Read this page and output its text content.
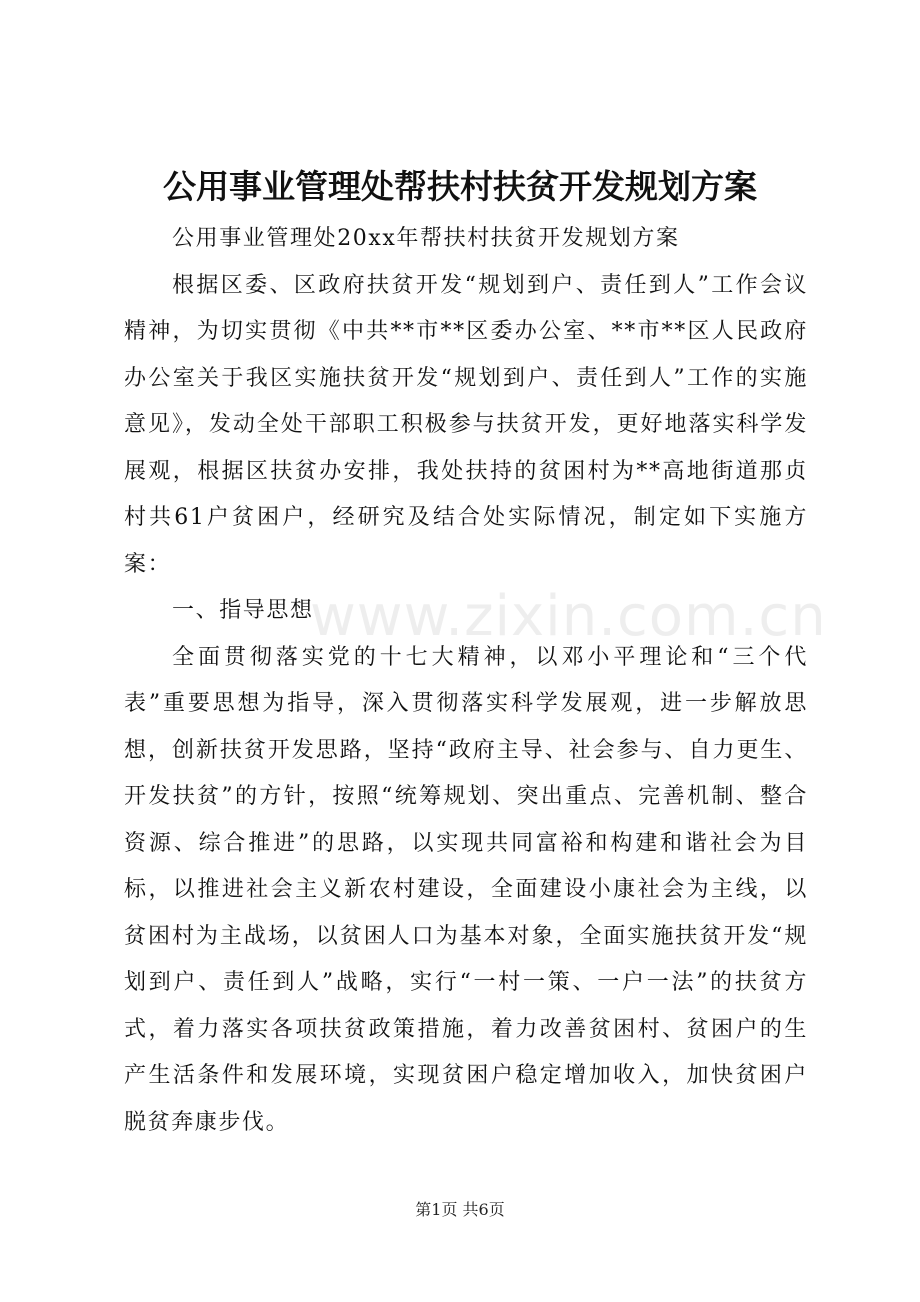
公用事业管理处帮扶村扶贫开发规划方案

公用事业管理处20xx年帮扶村扶贫开发规划方案

根据区委、区政府扶贫开发“规划到户、责任到人”工作会议精神，为切实贯彻《中共**市**区委办公室、**市**区人民政府办公室关于我区实施扶贫开发“规划到户、责任到人”工作的实施意见》，发动全处干部职工积极参与扶贫开发，更好地落实科学发展观，根据区扶贫办安排，我处扶持的贫困村为**高地街道那贞村共61户贫困户，经研究及结合处实际情况，制定如下实施方案：

一、指导思想

全面贯彻落实党的十七大精神，以邓小平理论和“三个代表”重要思想为指导，深入贯彻落实科学发展观，进一步解放思想，创新扶贫开发思路，坚持“政府主导、社会参与、自力更生、开发扶贫”的方针，按照“统筹规划、突出重点、完善机制、整合资源、综合推进”的思路，以实现共同富裕和构建和谐社会为目标，以推进社会主义新农村建设，全面建设小康社会为主线，以贫困村为主战场，以贫困人口为基本对象，全面实施扶贫开发“规划到户、责任到人”战略，实行“一村一策、一户一法”的扶贫方式，着力落实各项扶贫政策措施，着力改善贫困村、贫困户的生产生活条件和发展环境，实现贫困户稳定增加收入，加快贫困户脱贫奔康步伐。

www.zixin.com.cn
第1页 共6页
